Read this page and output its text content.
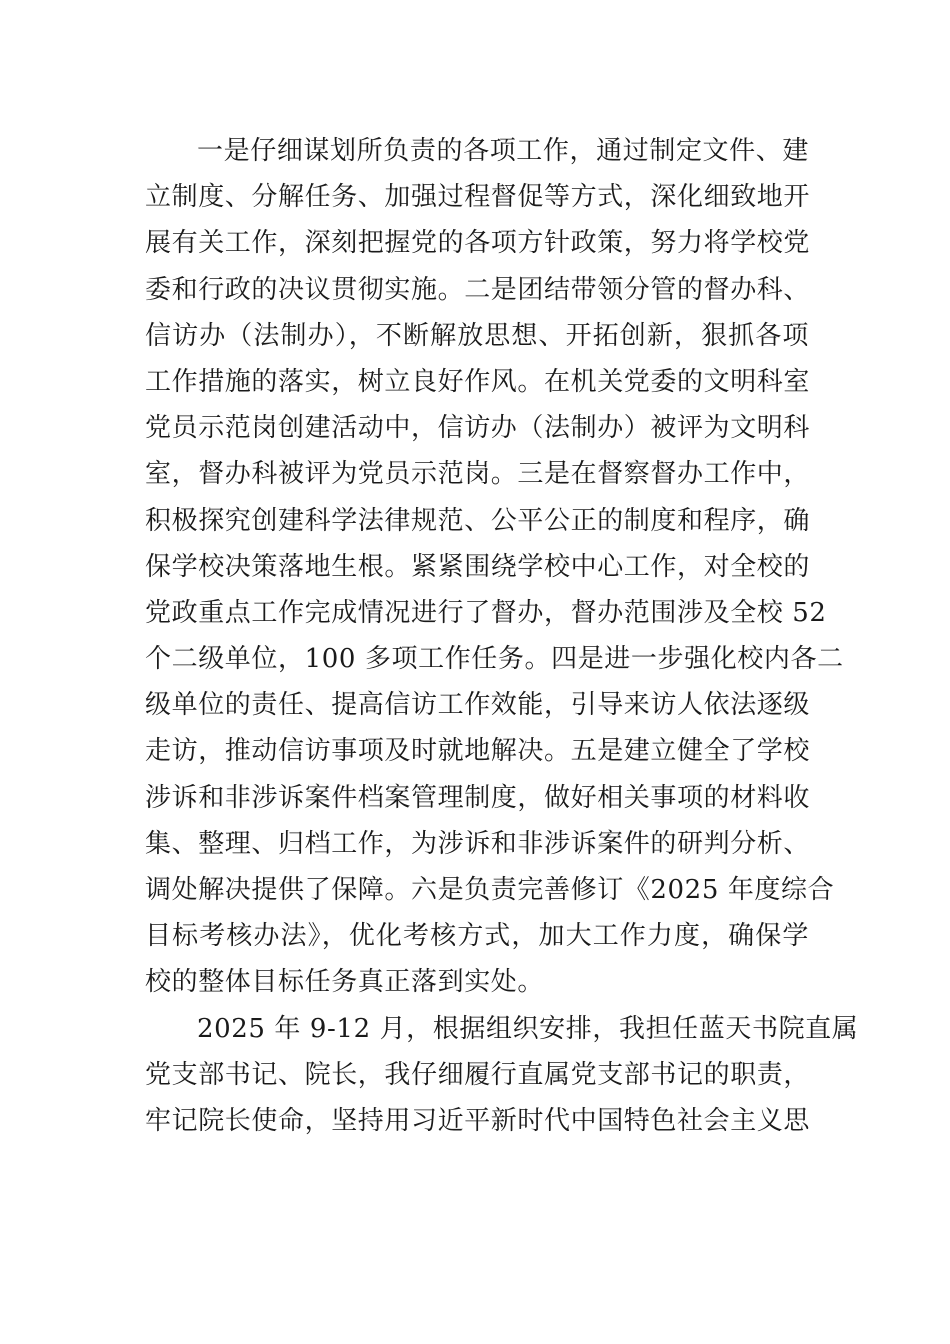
一是仔细谋划所负责的各项工作，通过制定文件、建
立制度、分解任务、加强过程督促等方式，深化细致地开
展有关工作，深刻把握党的各项方针政策，努力将学校党
委和行政的决议贯彻实施。二是团结带领分管的督办科、
信访办（法制办），不断解放思想、开拓创新，狠抓各项
工作措施的落实，树立良好作风。在机关党委的文明科室
党员示范岗创建活动中，信访办（法制办）被评为文明科
室，督办科被评为党员示范岗。三是在督察督办工作中，
积极探究创建科学法律规范、公平公正的制度和程序，确
保学校决策落地生根。紧紧围绕学校中心工作，对全校的
党政重点工作完成情况进行了督办，督办范围涉及全校 52
个二级单位，100 多项工作任务。四是进一步强化校内各二
级单位的责任、提高信访工作效能，引导来访人依法逐级
走访，推动信访事项及时就地解决。五是建立健全了学校
涉诉和非涉诉案件档案管理制度，做好相关事项的材料收
集、整理、归档工作，为涉诉和非涉诉案件的研判分析、
调处解决提供了保障。六是负责完善修订《2025 年度综合
目标考核办法》，优化考核方式，加大工作力度，确保学
校的整体目标任务真正落到实处。
2025 年 9-12 月，根据组织安排，我担任蓝天书院直属
党支部书记、院长，我仔细履行直属党支部书记的职责，
牢记院长使命，坚持用习近平新时代中国特色社会主义思
